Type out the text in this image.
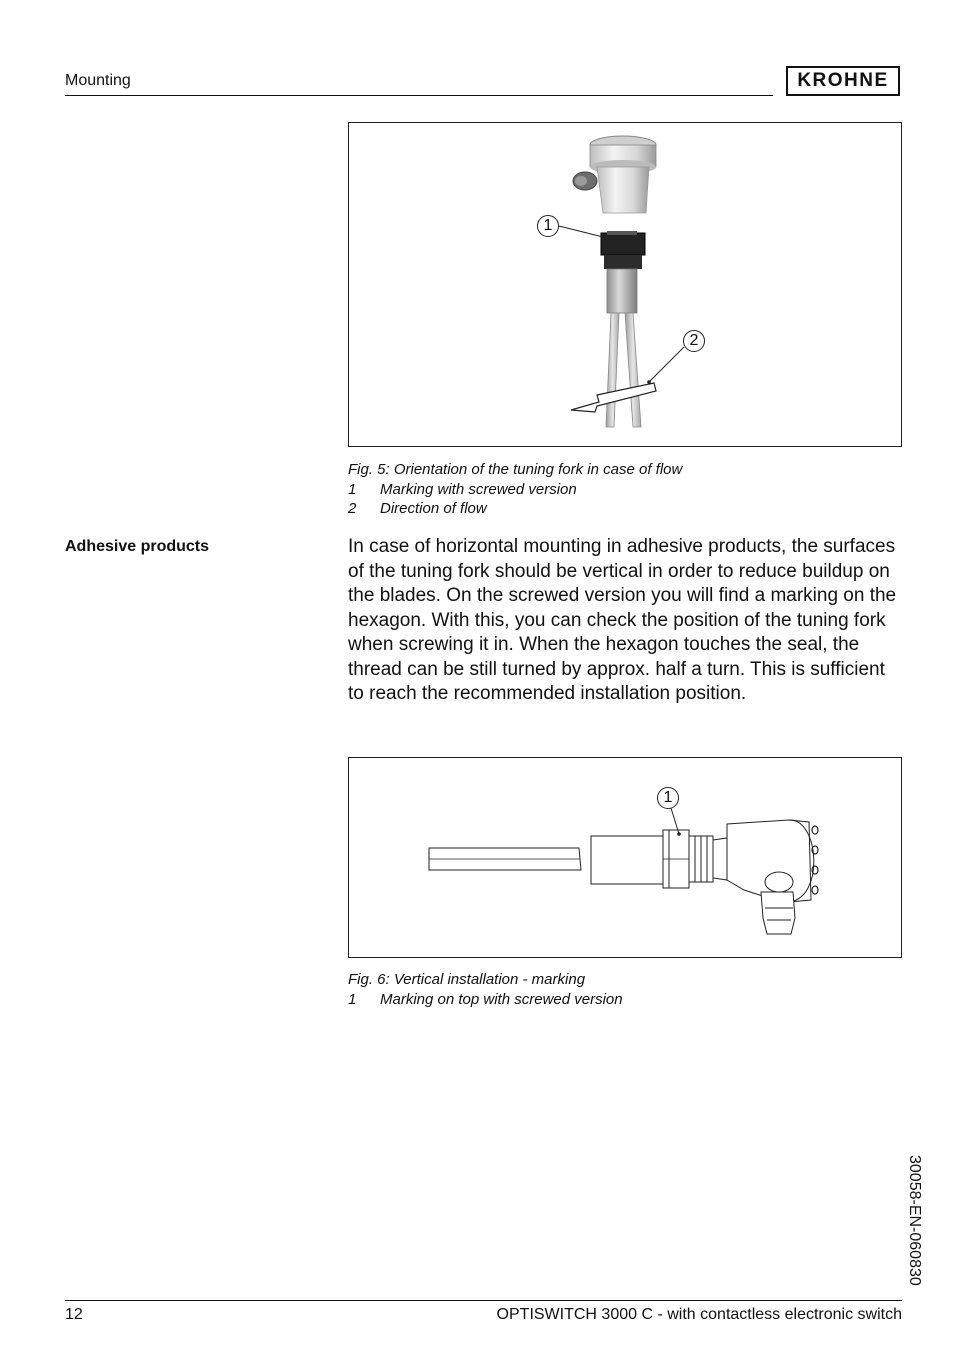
Mounting	KROHNE
1
2
Fig. 5: Orientation of the tuning fork in case of flow
1	Marking with screwed version
2	Direction of flow
Adhesive products	In case of horizontal mounting in adhesive products, the surfaces of the tuning fork should be vertical in order to reduce buildup on the blades. On the screwed version you will find a marking on the hexagon. With this, you can check the position of the tuning fork when screwing it in. When the hexagon touches the seal, the thread can be still turned by approx. half a turn. This is sufficient to reach the recommended installation position.
1
Fig. 6: Vertical installation - marking
1	Marking on top with screwed version
30058-EN-060830
12	OPTISWITCH 3000 C - with contactless electronic switch
